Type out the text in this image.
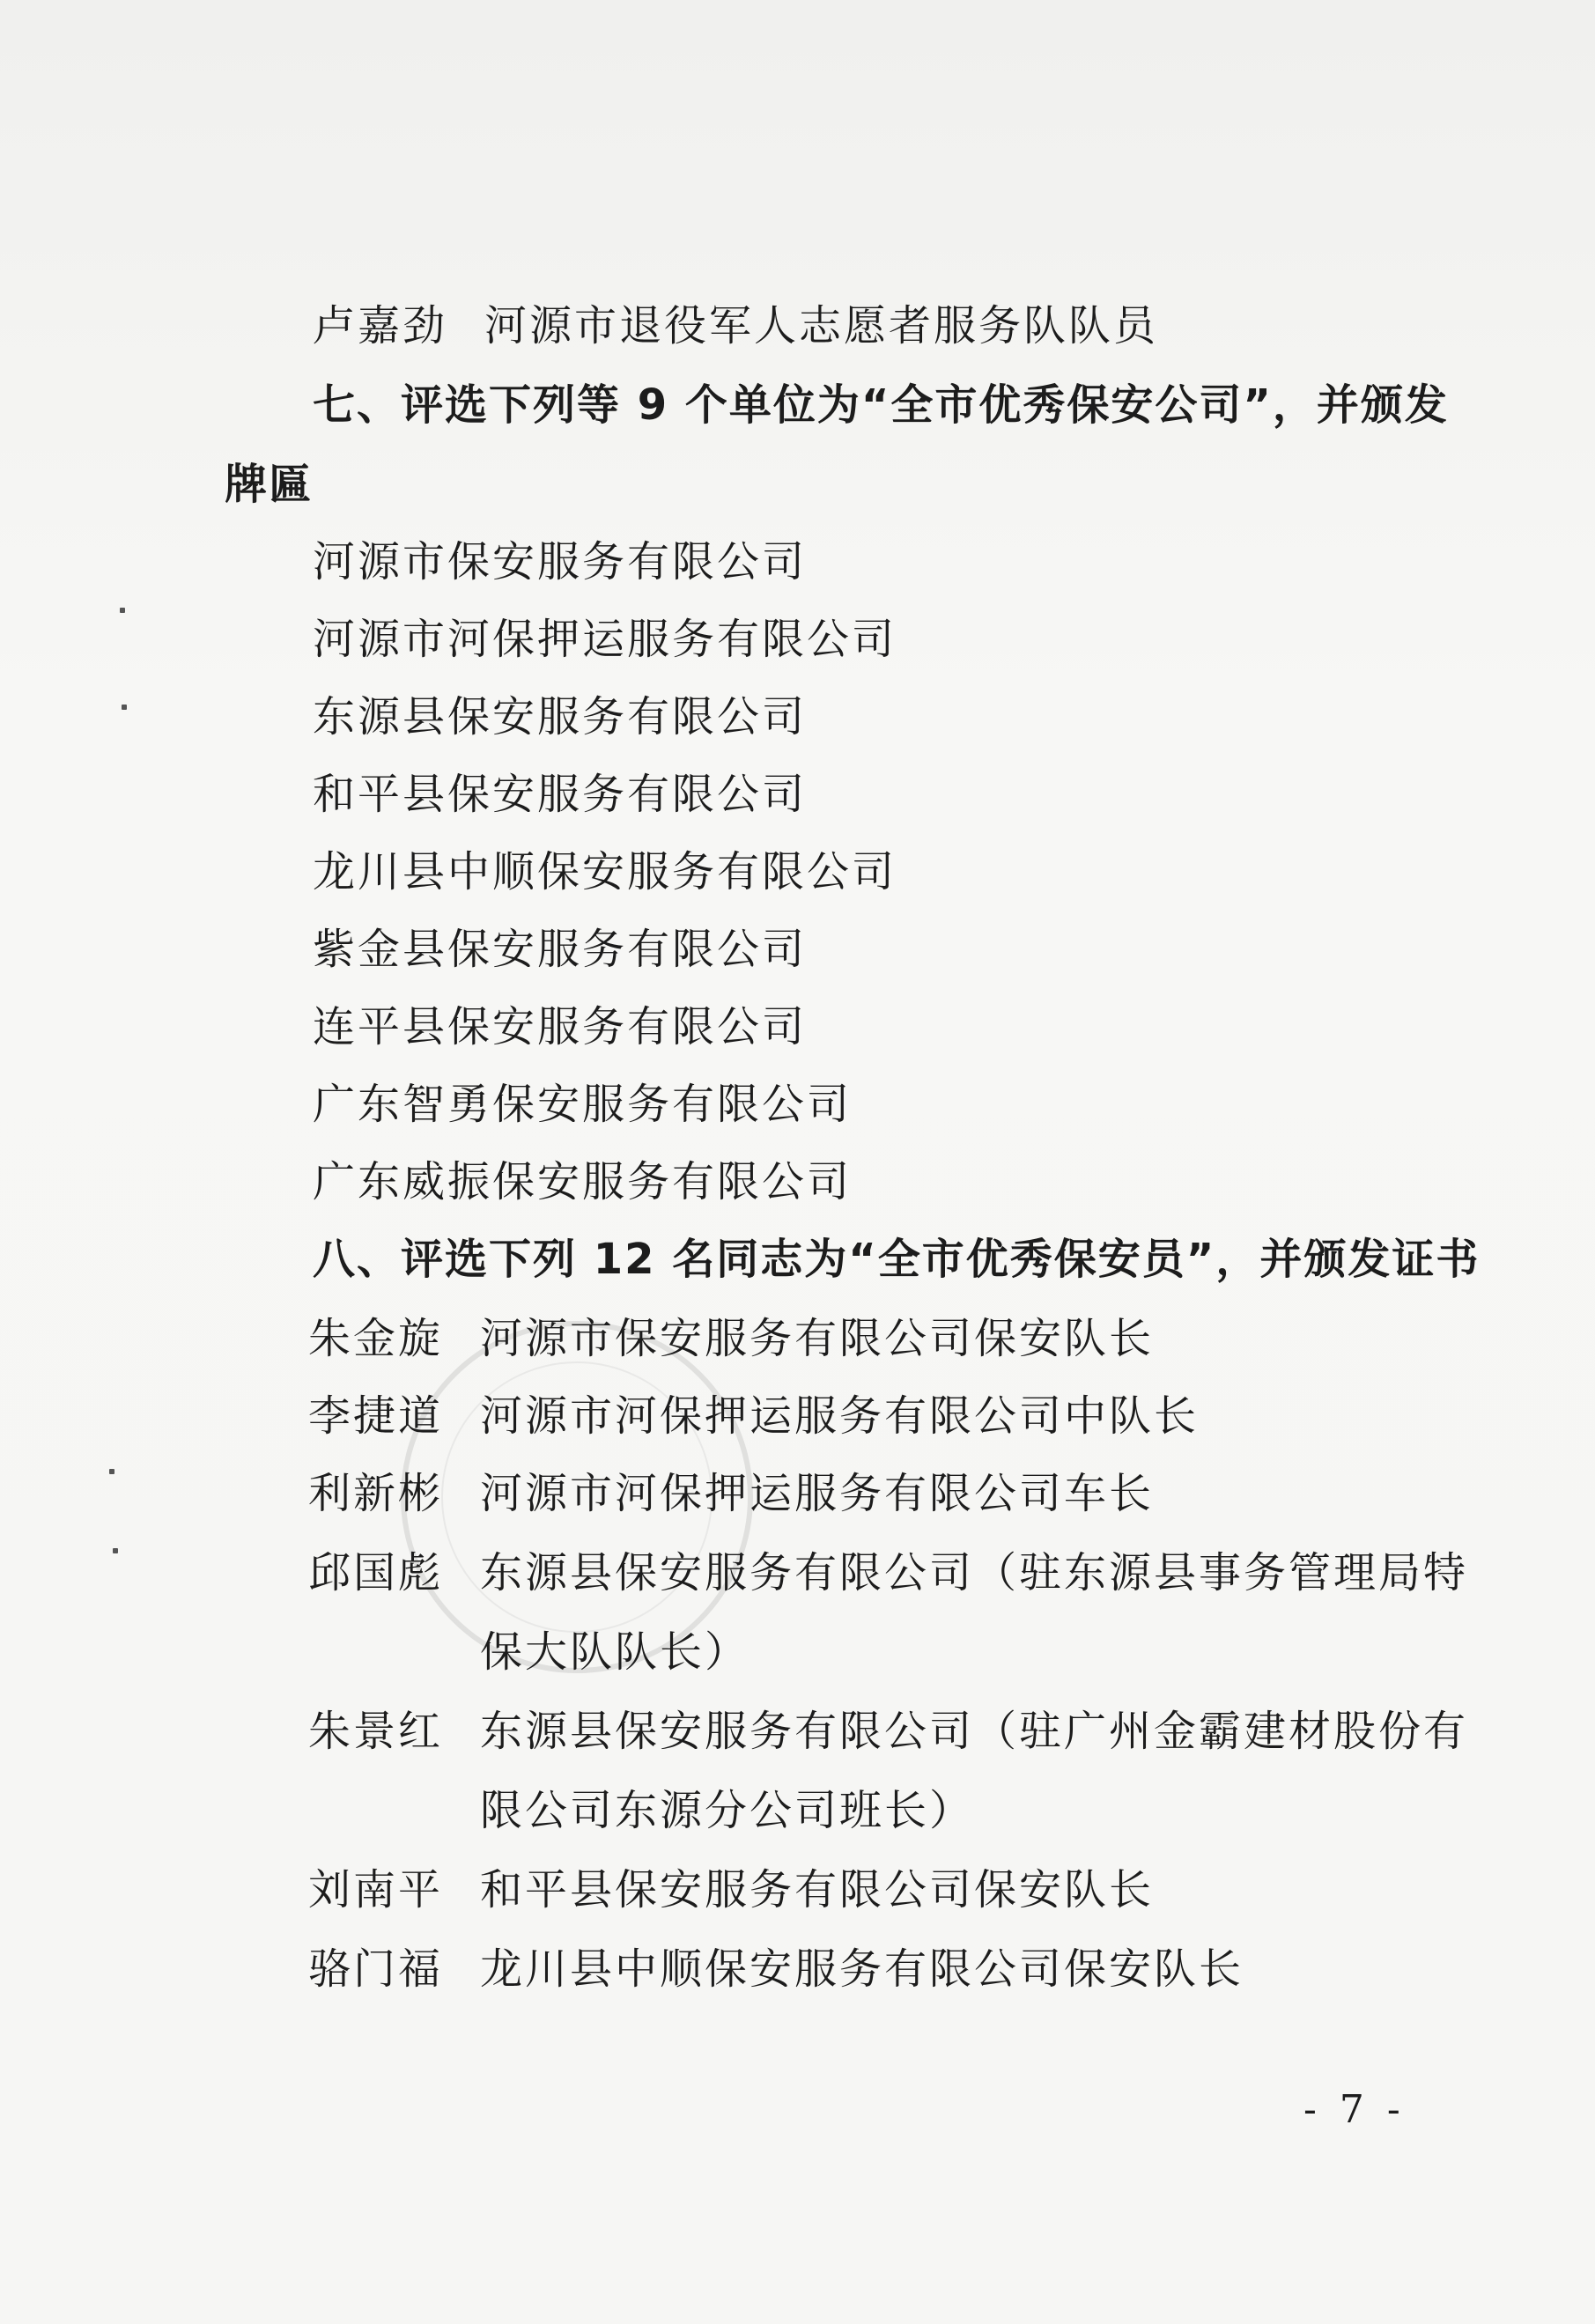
卢嘉劲 河源市退役军人志愿者服务队队员
七、评选下列等 9 个单位为“全市优秀保安公司”，并颁发
牌匾
河源市保安服务有限公司
河源市河保押运服务有限公司
东源县保安服务有限公司
和平县保安服务有限公司
龙川县中顺保安服务有限公司
紫金县保安服务有限公司
连平县保安服务有限公司
广东智勇保安服务有限公司
广东威振保安服务有限公司
八、评选下列 12 名同志为“全市优秀保安员”，并颁发证书
朱金旋 河源市保安服务有限公司保安队长
李捷道 河源市河保押运服务有限公司中队长
利新彬 河源市河保押运服务有限公司车长
邱国彪 东源县保安服务有限公司（驻东源县事务管理局特
保大队队长）
朱景红 东源县保安服务有限公司（驻广州金霸建材股份有
限公司东源分公司班长）
刘南平 和平县保安服务有限公司保安队长
骆门福 龙川县中顺保安服务有限公司保安队长
- 7 -
